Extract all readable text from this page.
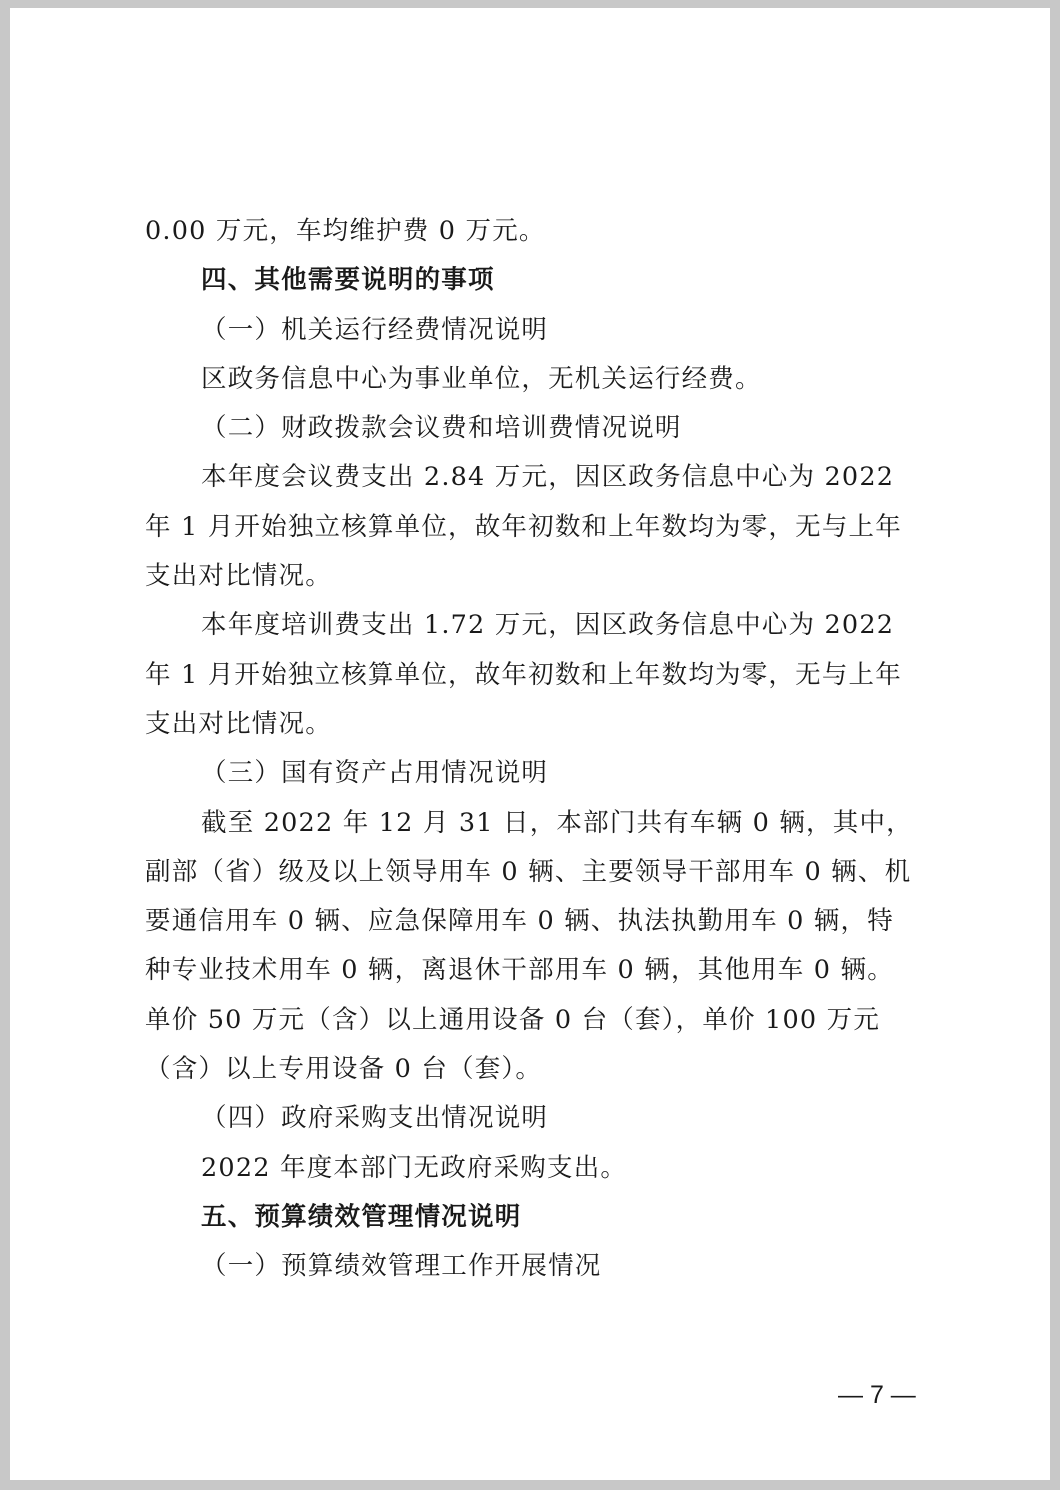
0.00 万元，车均维护费 0 万元。

四、其他需要说明的事项

（一）机关运行经费情况说明

区政务信息中心为事业单位，无机关运行经费。

（二）财政拨款会议费和培训费情况说明

本年度会议费支出 2.84 万元，因区政务信息中心为 2022 年 1 月开始独立核算单位，故年初数和上年数均为零，无与上年支出对比情况。

本年度培训费支出 1.72 万元，因区政务信息中心为 2022 年 1 月开始独立核算单位，故年初数和上年数均为零，无与上年支出对比情况。

（三）国有资产占用情况说明

截至 2022 年 12 月 31 日，本部门共有车辆 0 辆，其中，副部（省）级及以上领导用车 0 辆、主要领导干部用车 0 辆、机要通信用车 0 辆、应急保障用车 0 辆、执法执勤用车 0 辆，特种专业技术用车 0 辆，离退休干部用车 0 辆，其他用车 0 辆。单价 50 万元（含）以上通用设备 0 台（套），单价 100 万元（含）以上专用设备 0 台（套）。

（四）政府采购支出情况说明

2022 年度本部门无政府采购支出。

五、预算绩效管理情况说明

（一）预算绩效管理工作开展情况

— 7 —
